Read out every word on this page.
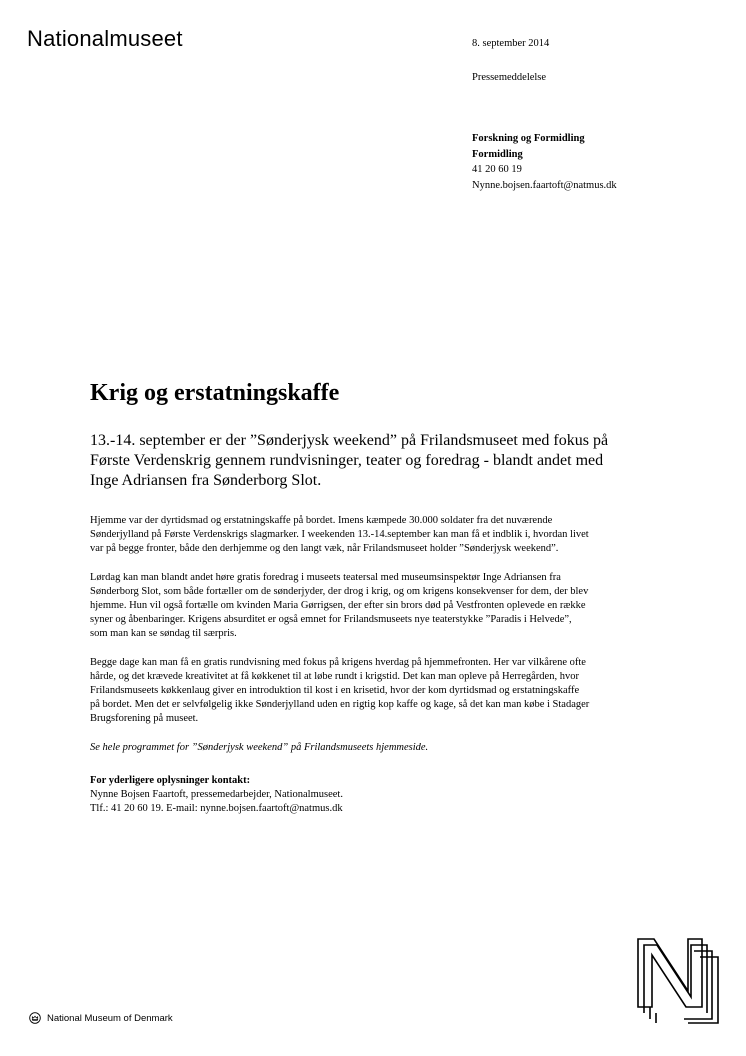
Nationalmuseet	8. september 2014
Pressemeddelelse
Forskning og Formidling
Formidling
41 20 60 19
Nynne.bojsen.faartoft@natmus.dk
Krig og erstatningskaffe

13.-14. september er der ”Sønderjysk weekend” på Frilandsmuseet med fokus på Første Verdenskrig gennem rundvisninger, teater og foredrag - blandt andet med Inge Adriansen fra Sønderborg Slot.

Hjemme var der dyrtidsmad og erstatningskaffe på bordet. Imens kæmpede 30.000 soldater fra det nuværende Sønderjylland på Første Verdenskrigs slagmarker. I weekenden 13.-14.september kan man få et indblik i, hvordan livet var på begge fronter, både den derhjemme og den langt væk, når Frilandsmuseet holder ”Sønderjysk weekend”.

Lørdag kan man blandt andet høre gratis foredrag i museets teatersal med museumsinspektør Inge Adriansen fra Sønderborg Slot, som både fortæller om de sønderjyder, der drog i krig, og om krigens konsekvenser for dem, der blev hjemme. Hun vil også fortælle om kvinden Maria Gørrigsen, der efter sin brors død på Vestfronten oplevede en række syner og åbenbaringer. Krigens absurditet er også emnet for Frilandsmuseets nye teaterstykke ”Paradis i Helvede”, som man kan se søndag til særpris.

Begge dage kan man få en gratis rundvisning med fokus på krigens hverdag på hjemmefronten. Her var vilkårene ofte hårde, og det krævede kreativitet at få køkkenet til at løbe rundt i krigstid. Det kan man opleve på Herregården, hvor Frilandsmuseets køkkenlaug giver en introduktion til kost i en krisetid, hvor der kom dyrtidsmad og erstatningskaffe på bordet. Men det er selvfølgelig ikke Sønderjylland uden en rigtig kop kaffe og kage, så det kan man købe i Stadager Brugsforening på museet.

Se hele programmet for ”Sønderjysk weekend” på Frilandsmuseets hjemmeside.

For yderligere oplysninger kontakt:
Nynne Bojsen Faartoft, pressemedarbejder, Nationalmuseet.
Tlf.: 41 20 60 19. E-mail: nynne.bojsen.faartoft@natmus.dk
National Museum of Denmark
